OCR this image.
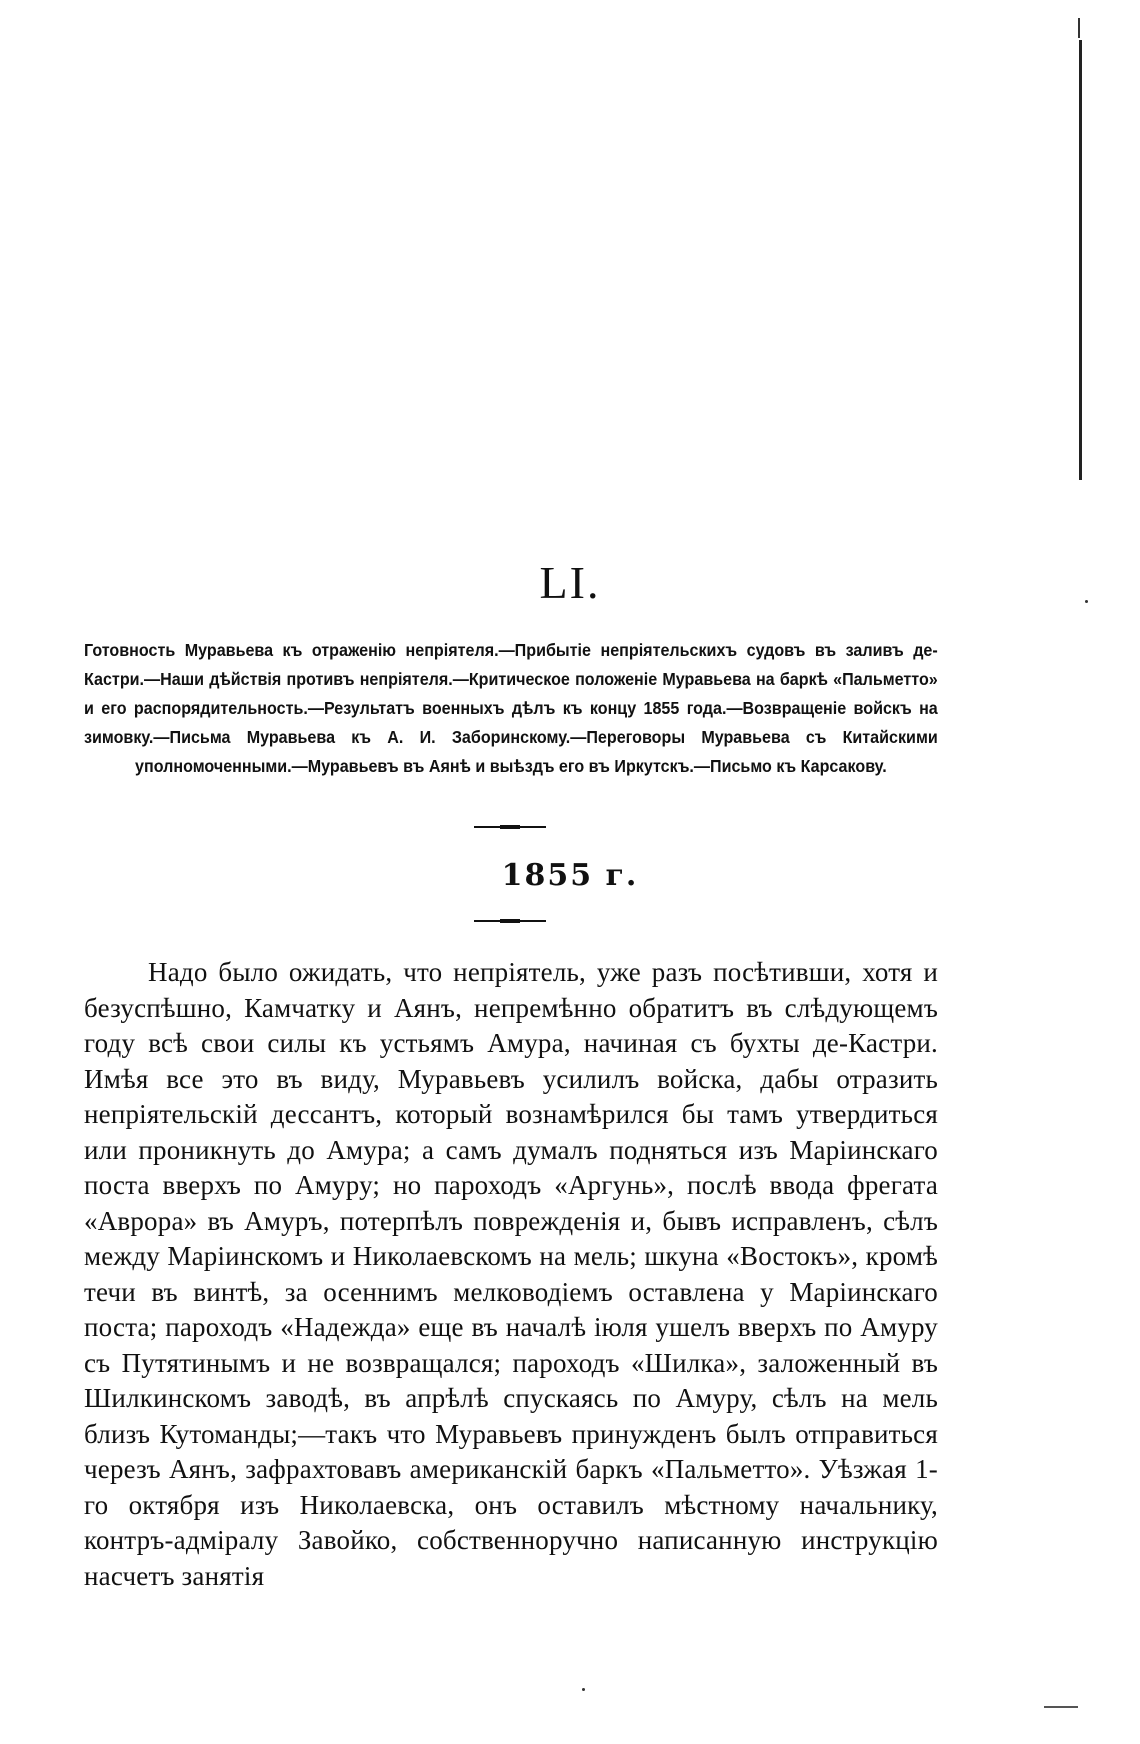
LI.
Готовность Муравьева къ отраженію непріятеля.—Прибытіе непріятельскихъ судовъ въ заливъ де-Кастри.—Наши дѣйствія противъ непріятеля.—Критическое положеніе Муравьева на баркѣ «Пальметто» и его распорядительность.—Результатъ военныхъ дѣлъ къ концу 1855 года.—Возвращеніе войскъ на зимовку.—Письма Муравьева къ А. И. Заборинскому.—Переговоры Муравьева съ Китайскими уполномоченными.—Муравьевъ въ Аянѣ и выѣздъ его въ Иркутскъ.—Письмо къ Карсакову.
1855 г.
Надо было ожидать, что непріятель, уже разъ посѣтивши, хотя и безуспѣшно, Камчатку и Аянъ, непремѣнно обратитъ въ слѣдующемъ году всѣ свои силы къ устьямъ Амура, начиная съ бухты де-Кастри. Имѣя все это въ виду, Муравьевъ усилилъ войска, дабы отразить непріятельскій дессантъ, который вознамѣрился бы тамъ утвердиться или проникнуть до Амура; а самъ думалъ подняться изъ Маріинскаго поста вверхъ по Амуру; но пароходъ «Аргунь», послѣ ввода фрегата «Аврора» въ Амуръ, потерпѣлъ поврежденія и, бывъ исправленъ, сѣлъ между Маріинскомъ и Николаевскомъ на мель; шкуна «Востокъ», кромѣ течи въ винтѣ, за осеннимъ мелководіемъ оставлена у Маріинскаго поста; пароходъ «Надежда» еще въ началѣ іюля ушелъ вверхъ по Амуру съ Путятинымъ и не возвращался; пароходъ «Шилка», заложенный въ Шилкинскомъ заводѣ, въ апрѣлѣ спускаясь по Амуру, сѣлъ на мель близъ Кутоманды;—такъ что Муравьевъ принужденъ былъ отправиться черезъ Аянъ, зафрахтовавъ американскій баркъ «Пальметто». Уѣзжая 1-го октября изъ Николаевска, онъ оставилъ мѣстному начальнику, контръ-адміралу Завойко, собственноручно написанную инструкцію насчетъ занятія
